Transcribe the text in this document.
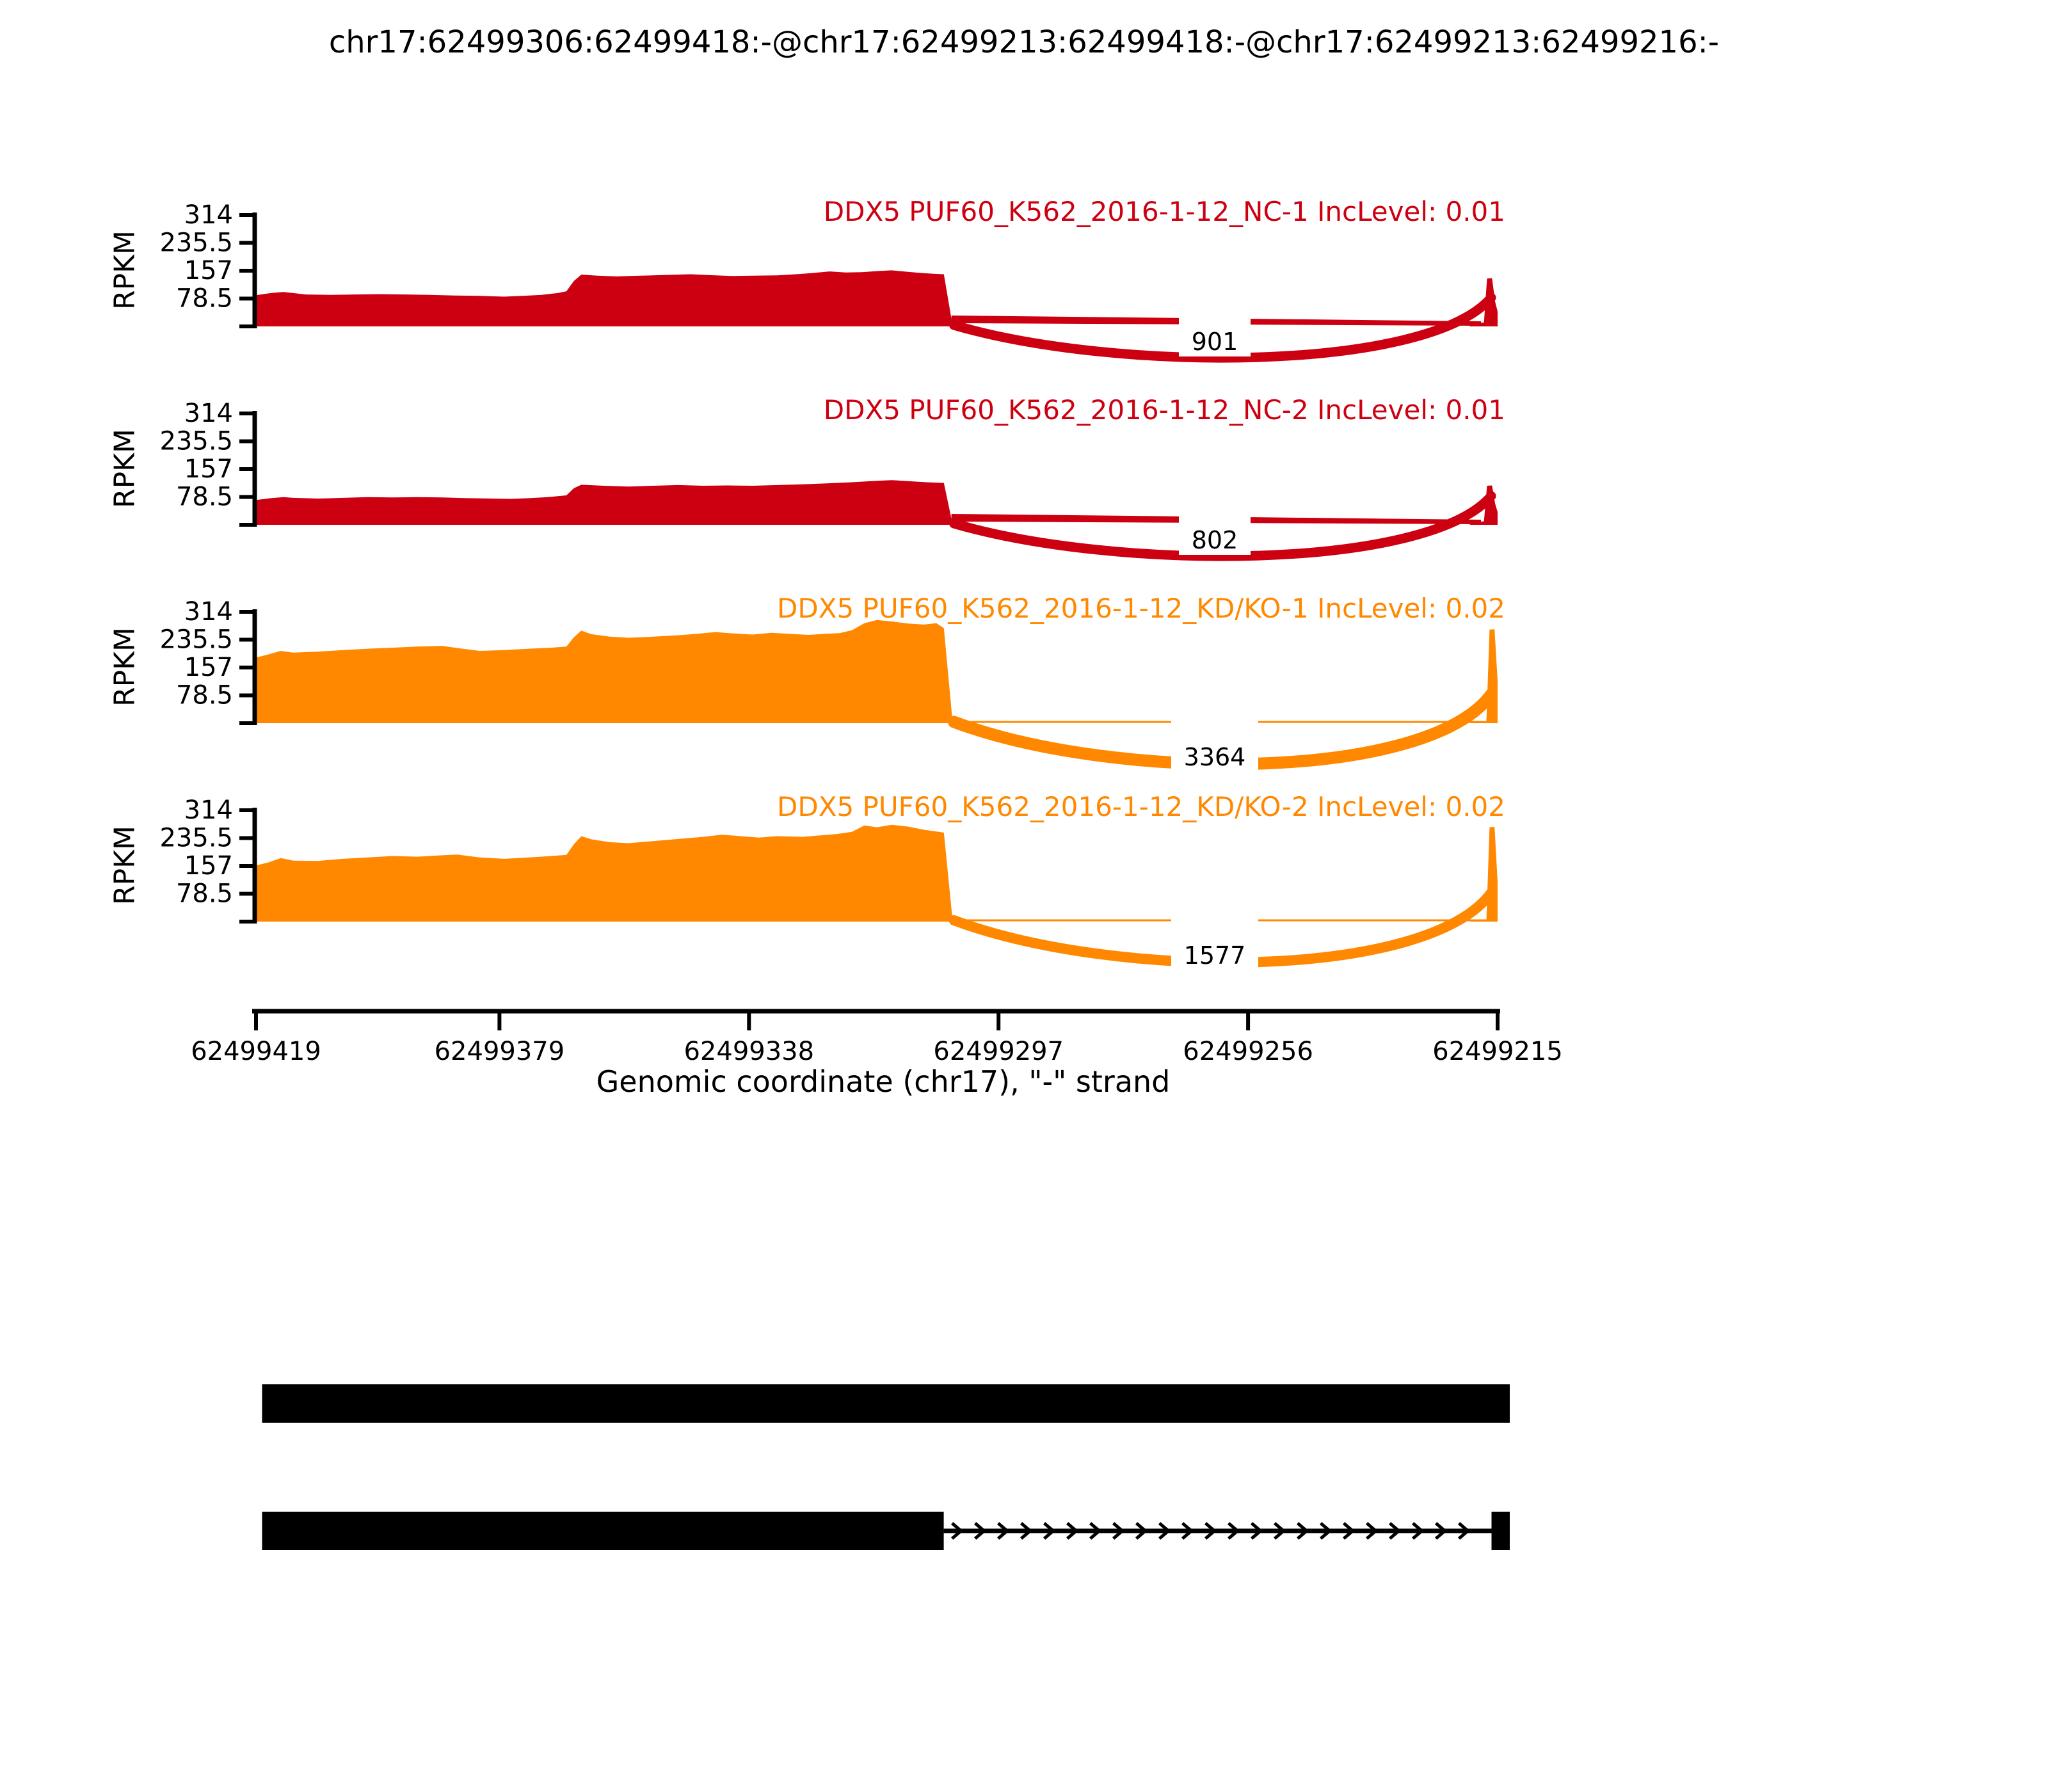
chr17:62499306:62499418:-@chr17:62499213:62499418:-@chr17:62499213:62499216:-
901
314
235.5
157
78.5
RPKM
DDX5 PUF60_K562_2016-1-12_NC-1 IncLevel: 0.01
802
314
235.5
157
78.5
RPKM
DDX5 PUF60_K562_2016-1-12_NC-2 IncLevel: 0.01
3364
314
235.5
157
78.5
RPKM
DDX5 PUF60_K562_2016-1-12_KD/KO-1 IncLevel: 0.02
1577
314
235.5
157
78.5
RPKM
DDX5 PUF60_K562_2016-1-12_KD/KO-2 IncLevel: 0.02
62499419	62499379	62499338	62499297	62499256	62499215
Genomic coordinate (chr17), "-" strand
